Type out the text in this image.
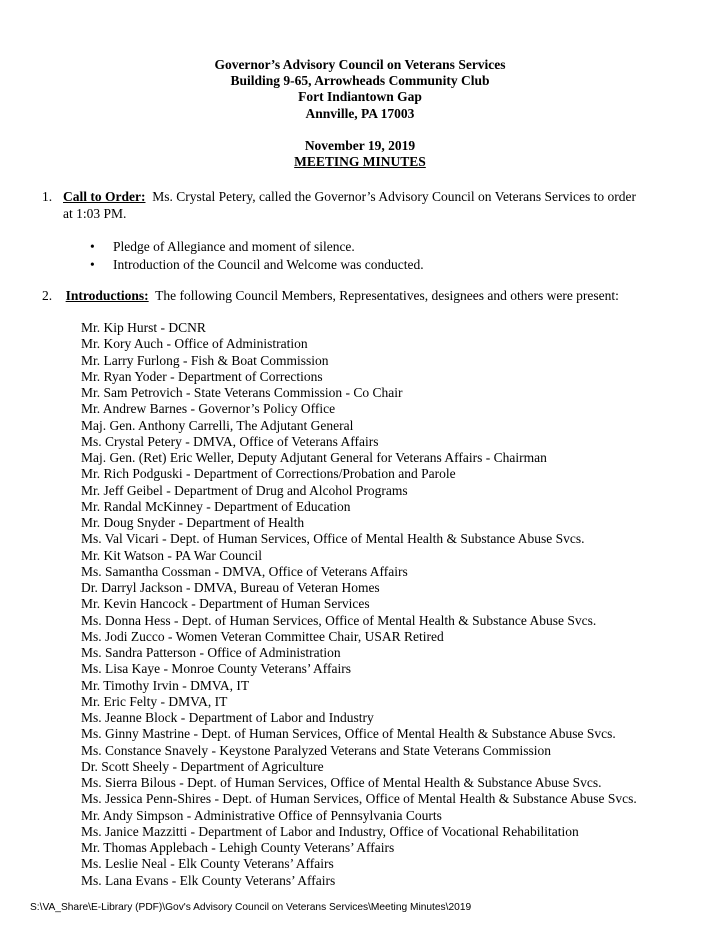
Governor’s Advisory Council on Veterans Services
Building 9-65, Arrowheads Community Club
Fort Indiantown Gap
Annville, PA 17003
November 19, 2019
MEETING MINUTES
1. Call to Order: Ms. Crystal Petery, called the Governor’s Advisory Council on Veterans Services to order
at 1:03 PM.
• Pledge of Allegiance and moment of silence.
• Introduction of the Council and Welcome was conducted.
2. Introductions: The following Council Members, Representatives, designees and others were present:
Mr. Kip Hurst - DCNR
Mr. Kory Auch - Office of Administration
Mr. Larry Furlong - Fish & Boat Commission
Mr. Ryan Yoder - Department of Corrections
Mr. Sam Petrovich - State Veterans Commission - Co Chair
Mr. Andrew Barnes - Governor’s Policy Office
Maj. Gen. Anthony Carrelli, The Adjutant General
Ms. Crystal Petery - DMVA, Office of Veterans Affairs
Maj. Gen. (Ret) Eric Weller, Deputy Adjutant General for Veterans Affairs - Chairman
Mr. Rich Podguski - Department of Corrections/Probation and Parole
Mr. Jeff Geibel - Department of Drug and Alcohol Programs
Mr. Randal McKinney - Department of Education
Mr. Doug Snyder - Department of Health
Ms. Val Vicari - Dept. of Human Services, Office of Mental Health & Substance Abuse Svcs.
Mr. Kit Watson - PA War Council
Ms. Samantha Cossman - DMVA, Office of Veterans Affairs
Dr. Darryl Jackson - DMVA, Bureau of Veteran Homes
Mr. Kevin Hancock - Department of Human Services
Ms. Donna Hess - Dept. of Human Services, Office of Mental Health & Substance Abuse Svcs.
Ms. Jodi Zucco - Women Veteran Committee Chair, USAR Retired
Ms. Sandra Patterson - Office of Administration
Ms. Lisa Kaye - Monroe County Veterans’ Affairs
Mr. Timothy Irvin - DMVA, IT
Mr. Eric Felty - DMVA, IT
Ms. Jeanne Block - Department of Labor and Industry
Ms. Ginny Mastrine - Dept. of Human Services, Office of Mental Health & Substance Abuse Svcs.
Ms. Constance Snavely - Keystone Paralyzed Veterans and State Veterans Commission
Dr. Scott Sheely - Department of Agriculture
Ms. Sierra Bilous - Dept. of Human Services, Office of Mental Health & Substance Abuse Svcs.
Ms. Jessica Penn-Shires - Dept. of Human Services, Office of Mental Health & Substance Abuse Svcs.
Mr. Andy Simpson - Administrative Office of Pennsylvania Courts
Ms. Janice Mazzitti - Department of Labor and Industry, Office of Vocational Rehabilitation
Mr. Thomas Applebach - Lehigh County Veterans’ Affairs
Ms. Leslie Neal - Elk County Veterans’ Affairs
Ms. Lana Evans - Elk County Veterans’ Affairs
S:\VA_Share\E-Library (PDF)\Gov's Advisory Council on Veterans Services\Meeting Minutes\2019
